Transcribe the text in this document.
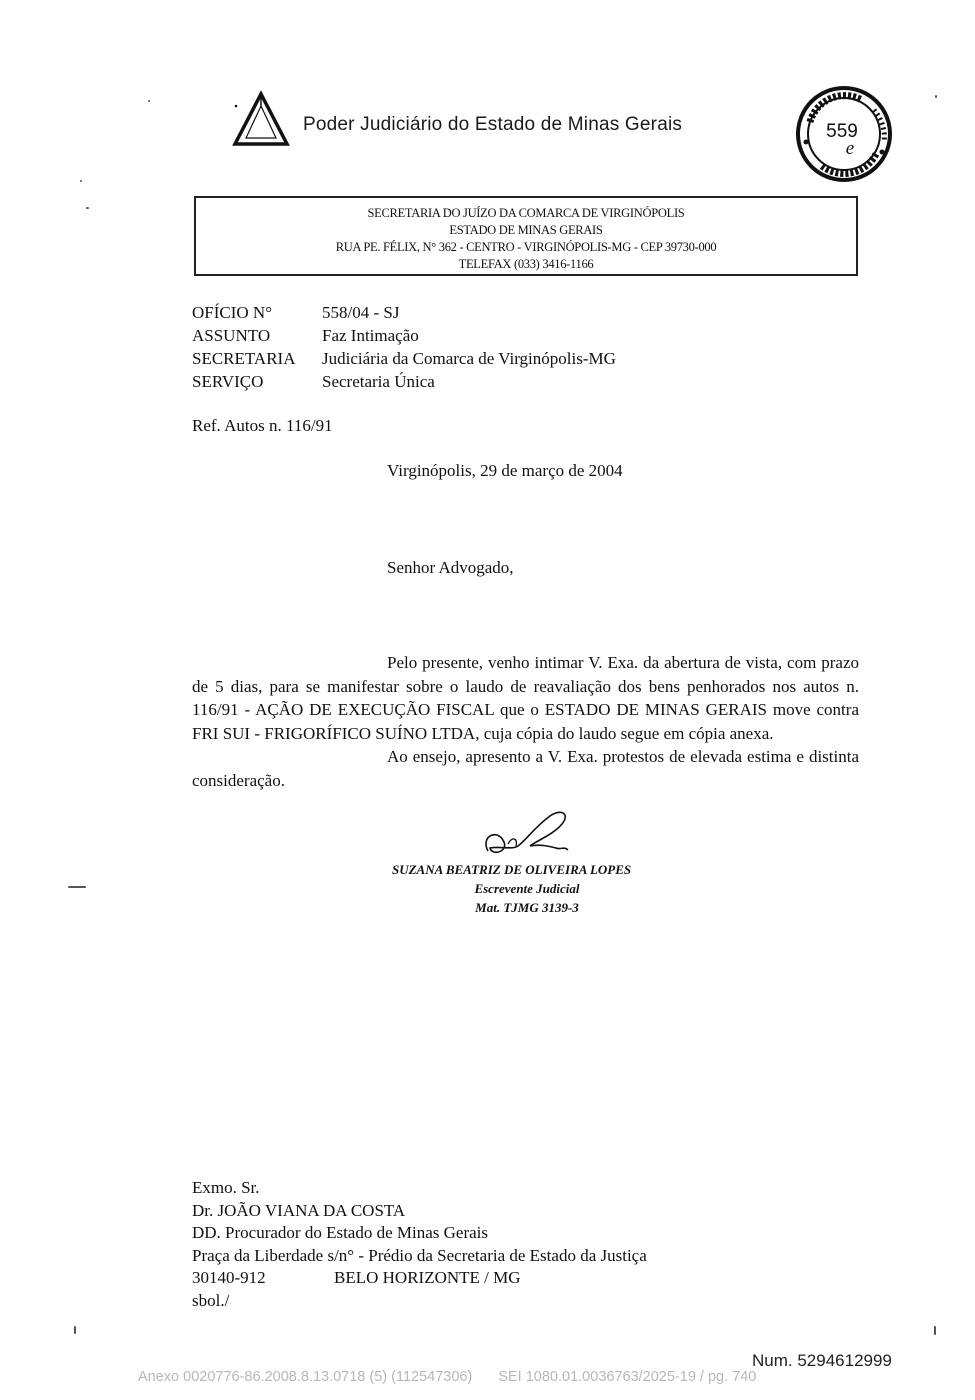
Poder Judiciário do Estado de Minas Gerais	559
e
SECRETARIA DO JUÍZO DA COMARCA DE VIRGINÓPOLIS
ESTADO DE MINAS GERAIS
RUA PE. FÉLIX, N° 362 - CENTRO - VIRGINÓPOLIS-MG - CEP 39730-000
TELEFAX (033) 3416-1166
OFÍCIO N°	558/04 - SJ
ASSUNTO	Faz Intimação
SECRETARIA	Judiciária da Comarca de Virginópolis-MG
SERVIÇO	Secretaria Única
Ref. Autos n. 116/91
Virginópolis, 29 de março de 2004
Senhor Advogado,

Pelo presente, venho intimar V. Exa. da abertura de vista, com prazo de 5 dias, para se manifestar sobre o laudo de reavaliação dos bens penhorados nos autos n. 116/91 - AÇÃO DE EXECUÇÃO FISCAL que o ESTADO DE MINAS GERAIS move contra FRI SUI - FRIGORÍFICO SUÍNO LTDA, cuja cópia do laudo segue em cópia anexa.

Ao ensejo, apresento a V. Exa. protestos de elevada estima e distinta consideração.

SUZANA BEATRIZ DE OLIVEIRA LOPES
Escrevente Judicial
Mat. TJMG 3139-3
Exmo. Sr.
Dr. JOÃO VIANA DA COSTA
DD. Procurador do Estado de Minas Gerais
Praça da Liberdade s/n° - Prédio da Secretaria de Estado da Justiça
30140-912	BELO HORIZONTE / MG
sbol./
Num. 5294612999
Anexo 0020776-86.2008.8.13.0718 (5) (112547306) SEI 1080.01.0036763/2025-19 / pg. 740
